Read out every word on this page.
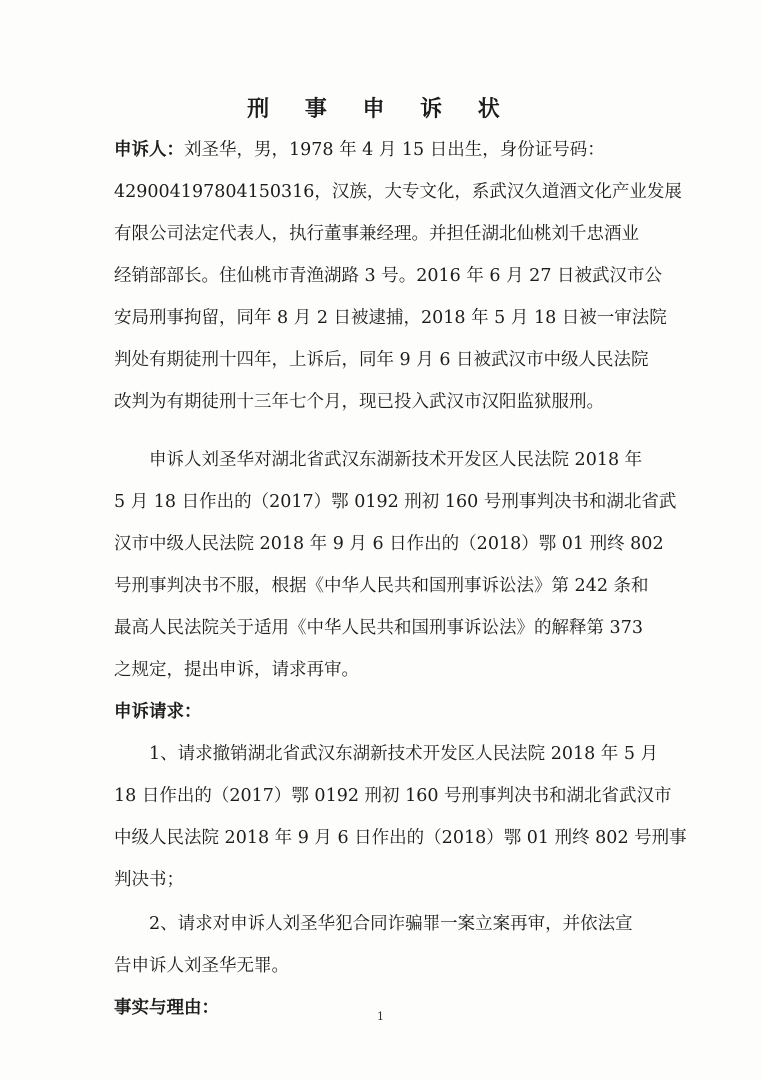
刑 事 申 诉 状
申诉人：刘圣华，男，1978 年 4 月 15 日出生，身份证号码：
429004197804150316，汉族，大专文化，系武汉久道酒文化产业发展
有限公司法定代表人，执行董事兼经理。并担任湖北仙桃刘千忠酒业
经销部部长。住仙桃市青渔湖路 3 号。2016 年 6 月 27 日被武汉市公
安局刑事拘留，同年 8 月 2 日被逮捕，2018 年 5 月 18 日被一审法院
判处有期徒刑十四年，上诉后，同年 9 月 6 日被武汉市中级人民法院
改判为有期徒刑十三年七个月，现已投入武汉市汉阳监狱服刑。
　　申诉人刘圣华对湖北省武汉东湖新技术开发区人民法院 2018 年
5 月 18 日作出的（2017）鄂 0192 刑初 160 号刑事判决书和湖北省武
汉市中级人民法院 2018 年 9 月 6 日作出的（2018）鄂 01 刑终 802
号刑事判决书不服，根据《中华人民共和国刑事诉讼法》第 242 条和
最高人民法院关于适用《中华人民共和国刑事诉讼法》的解释第 373
之规定，提出申诉，请求再审。
申诉请求：
　　1、请求撤销湖北省武汉东湖新技术开发区人民法院 2018 年 5 月
18 日作出的（2017）鄂 0192 刑初 160 号刑事判决书和湖北省武汉市
中级人民法院 2018 年 9 月 6 日作出的（2018）鄂 01 刑终 802 号刑事
判决书；
　　2、请求对申诉人刘圣华犯合同诈骗罪一案立案再审，并依法宣
告申诉人刘圣华无罪。
事实与理由：	1
